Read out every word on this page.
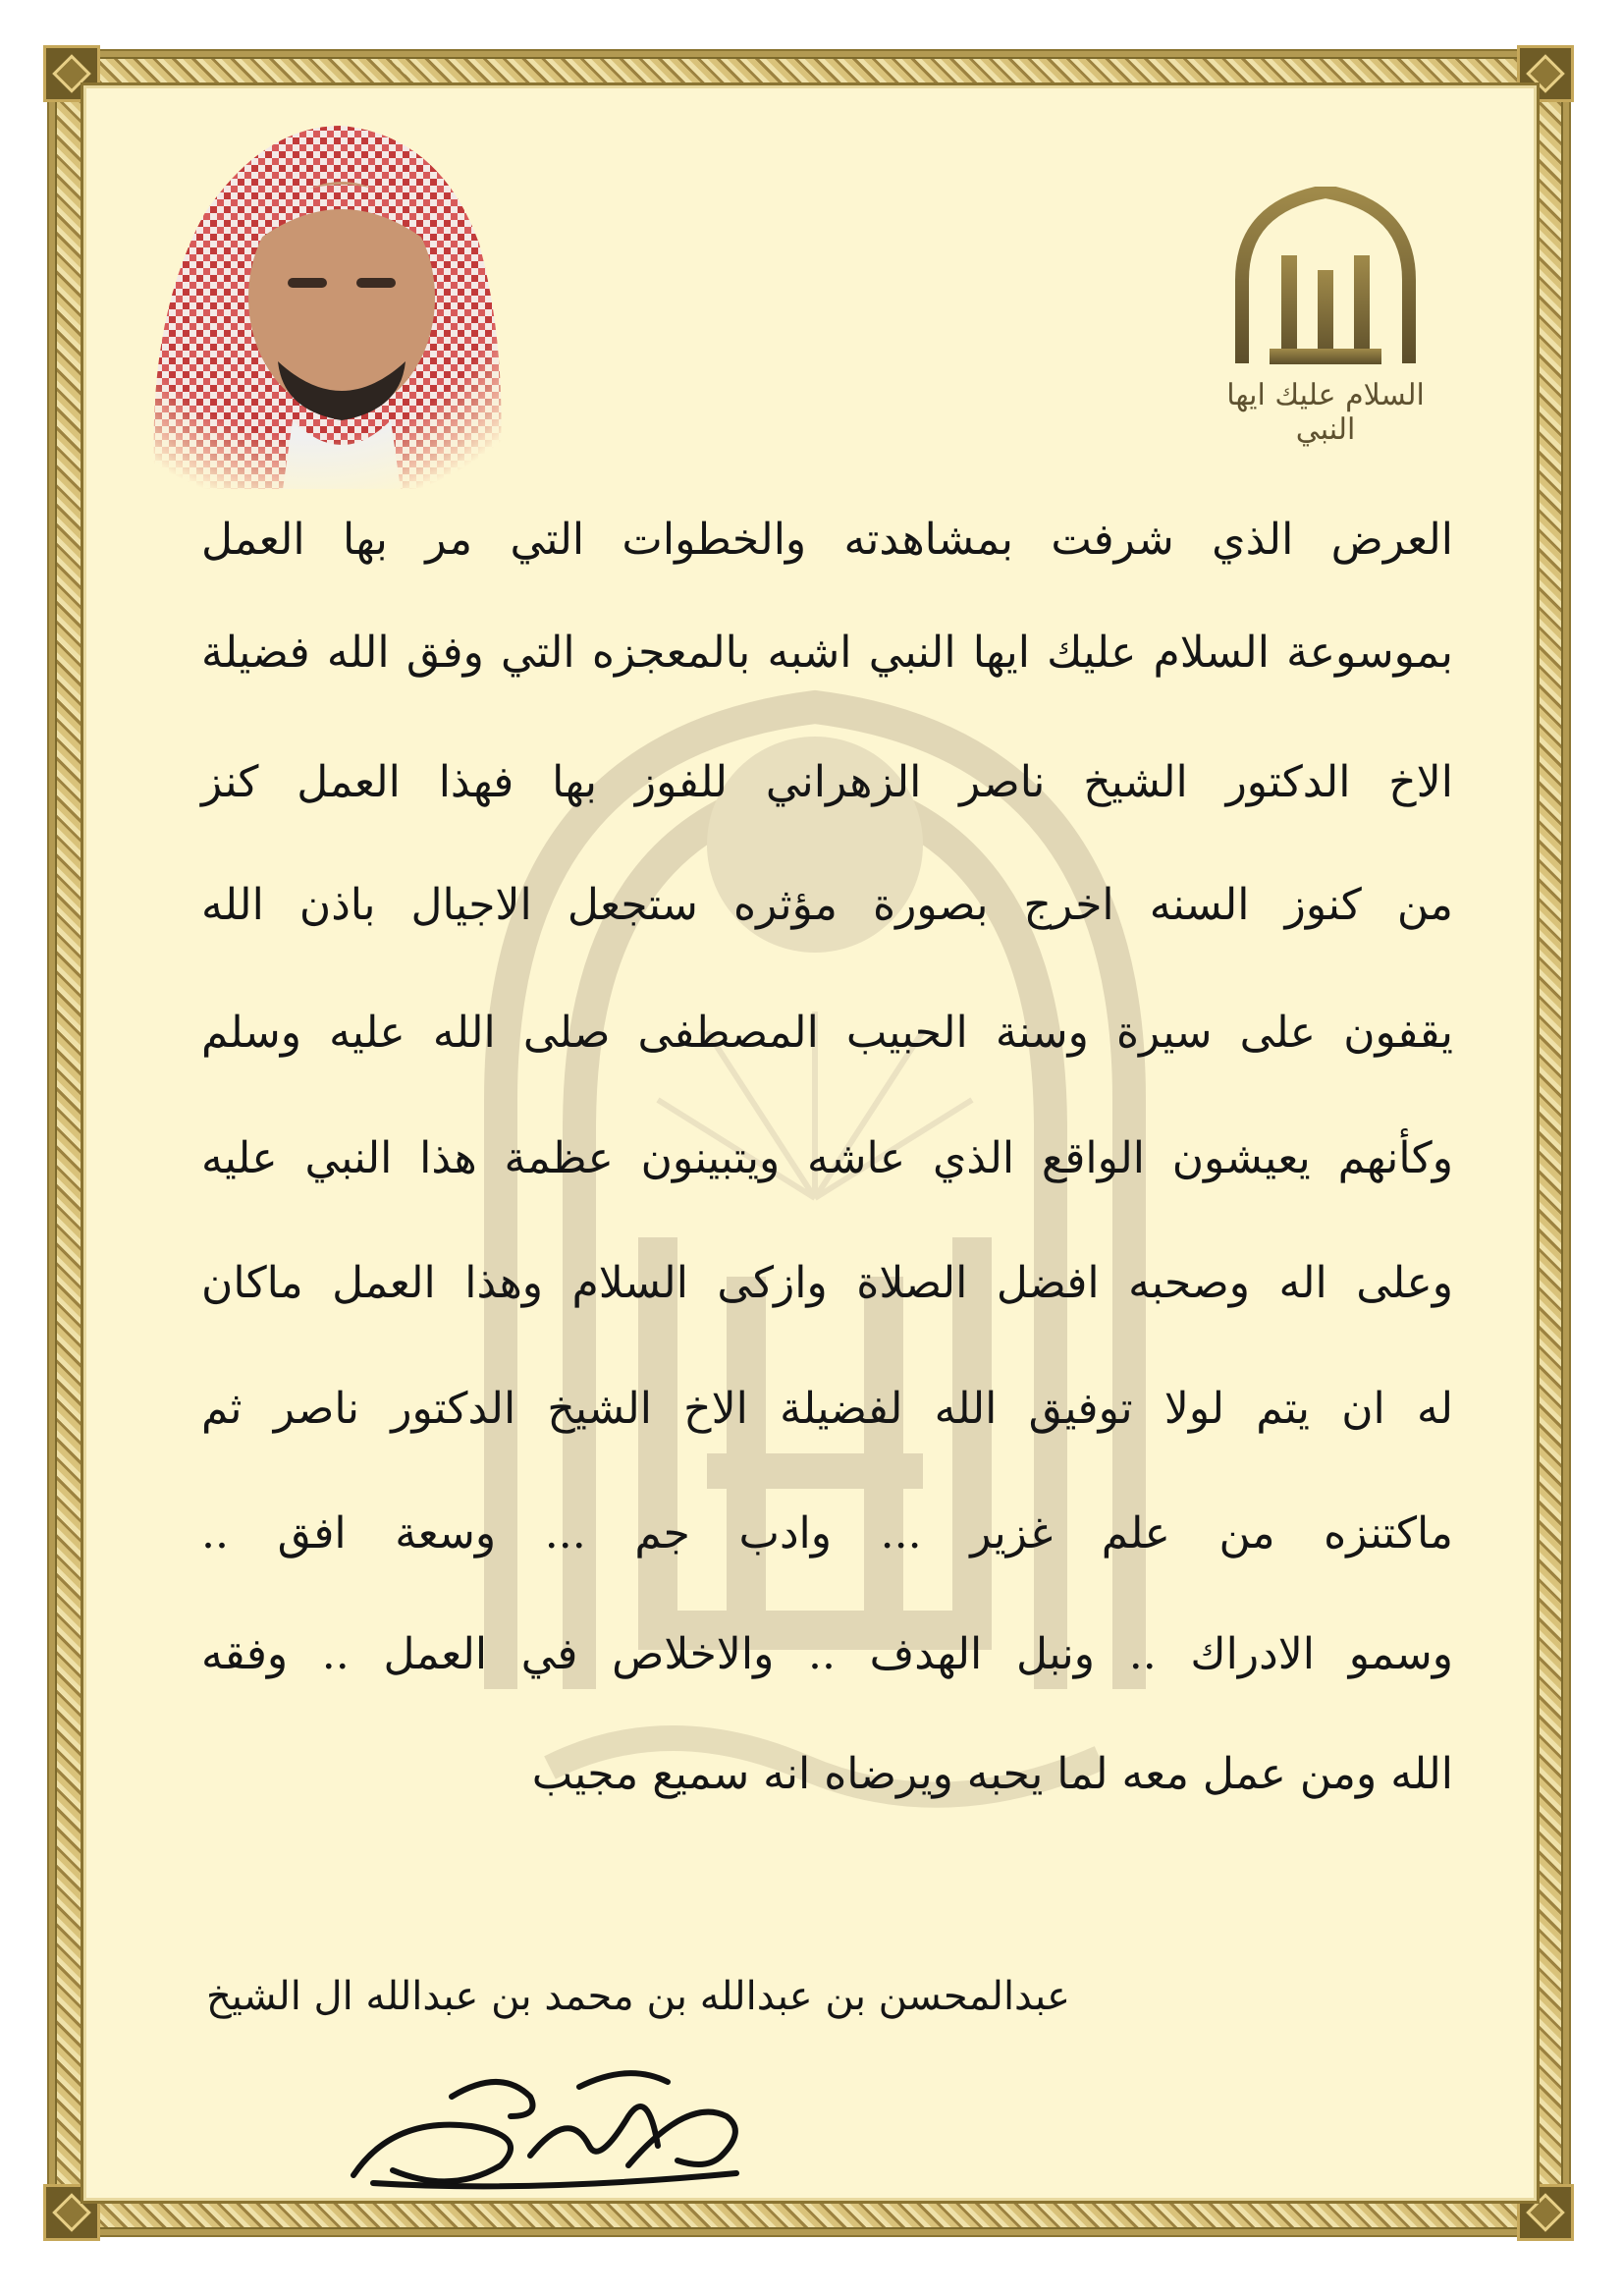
السلام عليك ايها النبي
العرض الذي شرفت بمشاهدته والخطوات التي مر بها العمل
بموسوعة السلام عليك ايها النبي اشبه بالمعجزه التي وفق الله فضيلة
الاخ الدكتور الشيخ ناصر الزهراني للفوز بها فهذا العمل كنز
من كنوز السنه اخرج بصورة مؤثره ستجعل الاجيال باذن الله
يقفون على سيرة وسنة الحبيب المصطفى صلى الله عليه وسلم
وكأنهم يعيشون الواقع الذي عاشه ويتبينون عظمة هذا النبي عليه
وعلى اله وصحبه افضل الصلاة وازكى السلام وهذا العمل ماكان
له ان يتم لولا توفيق الله لفضيلة الاخ الشيخ الدكتور ناصر ثم
ماكتنزه من علم غزير ... وادب جم ... وسعة افق ..
وسمو الادراك .. ونبل الهدف .. والاخلاص في العمل .. وفقه
الله ومن عمل معه لما يحبه ويرضاه انه سميع مجيب
عبدالمحسن بن عبدالله بن محمد بن عبدالله ال الشيخ
